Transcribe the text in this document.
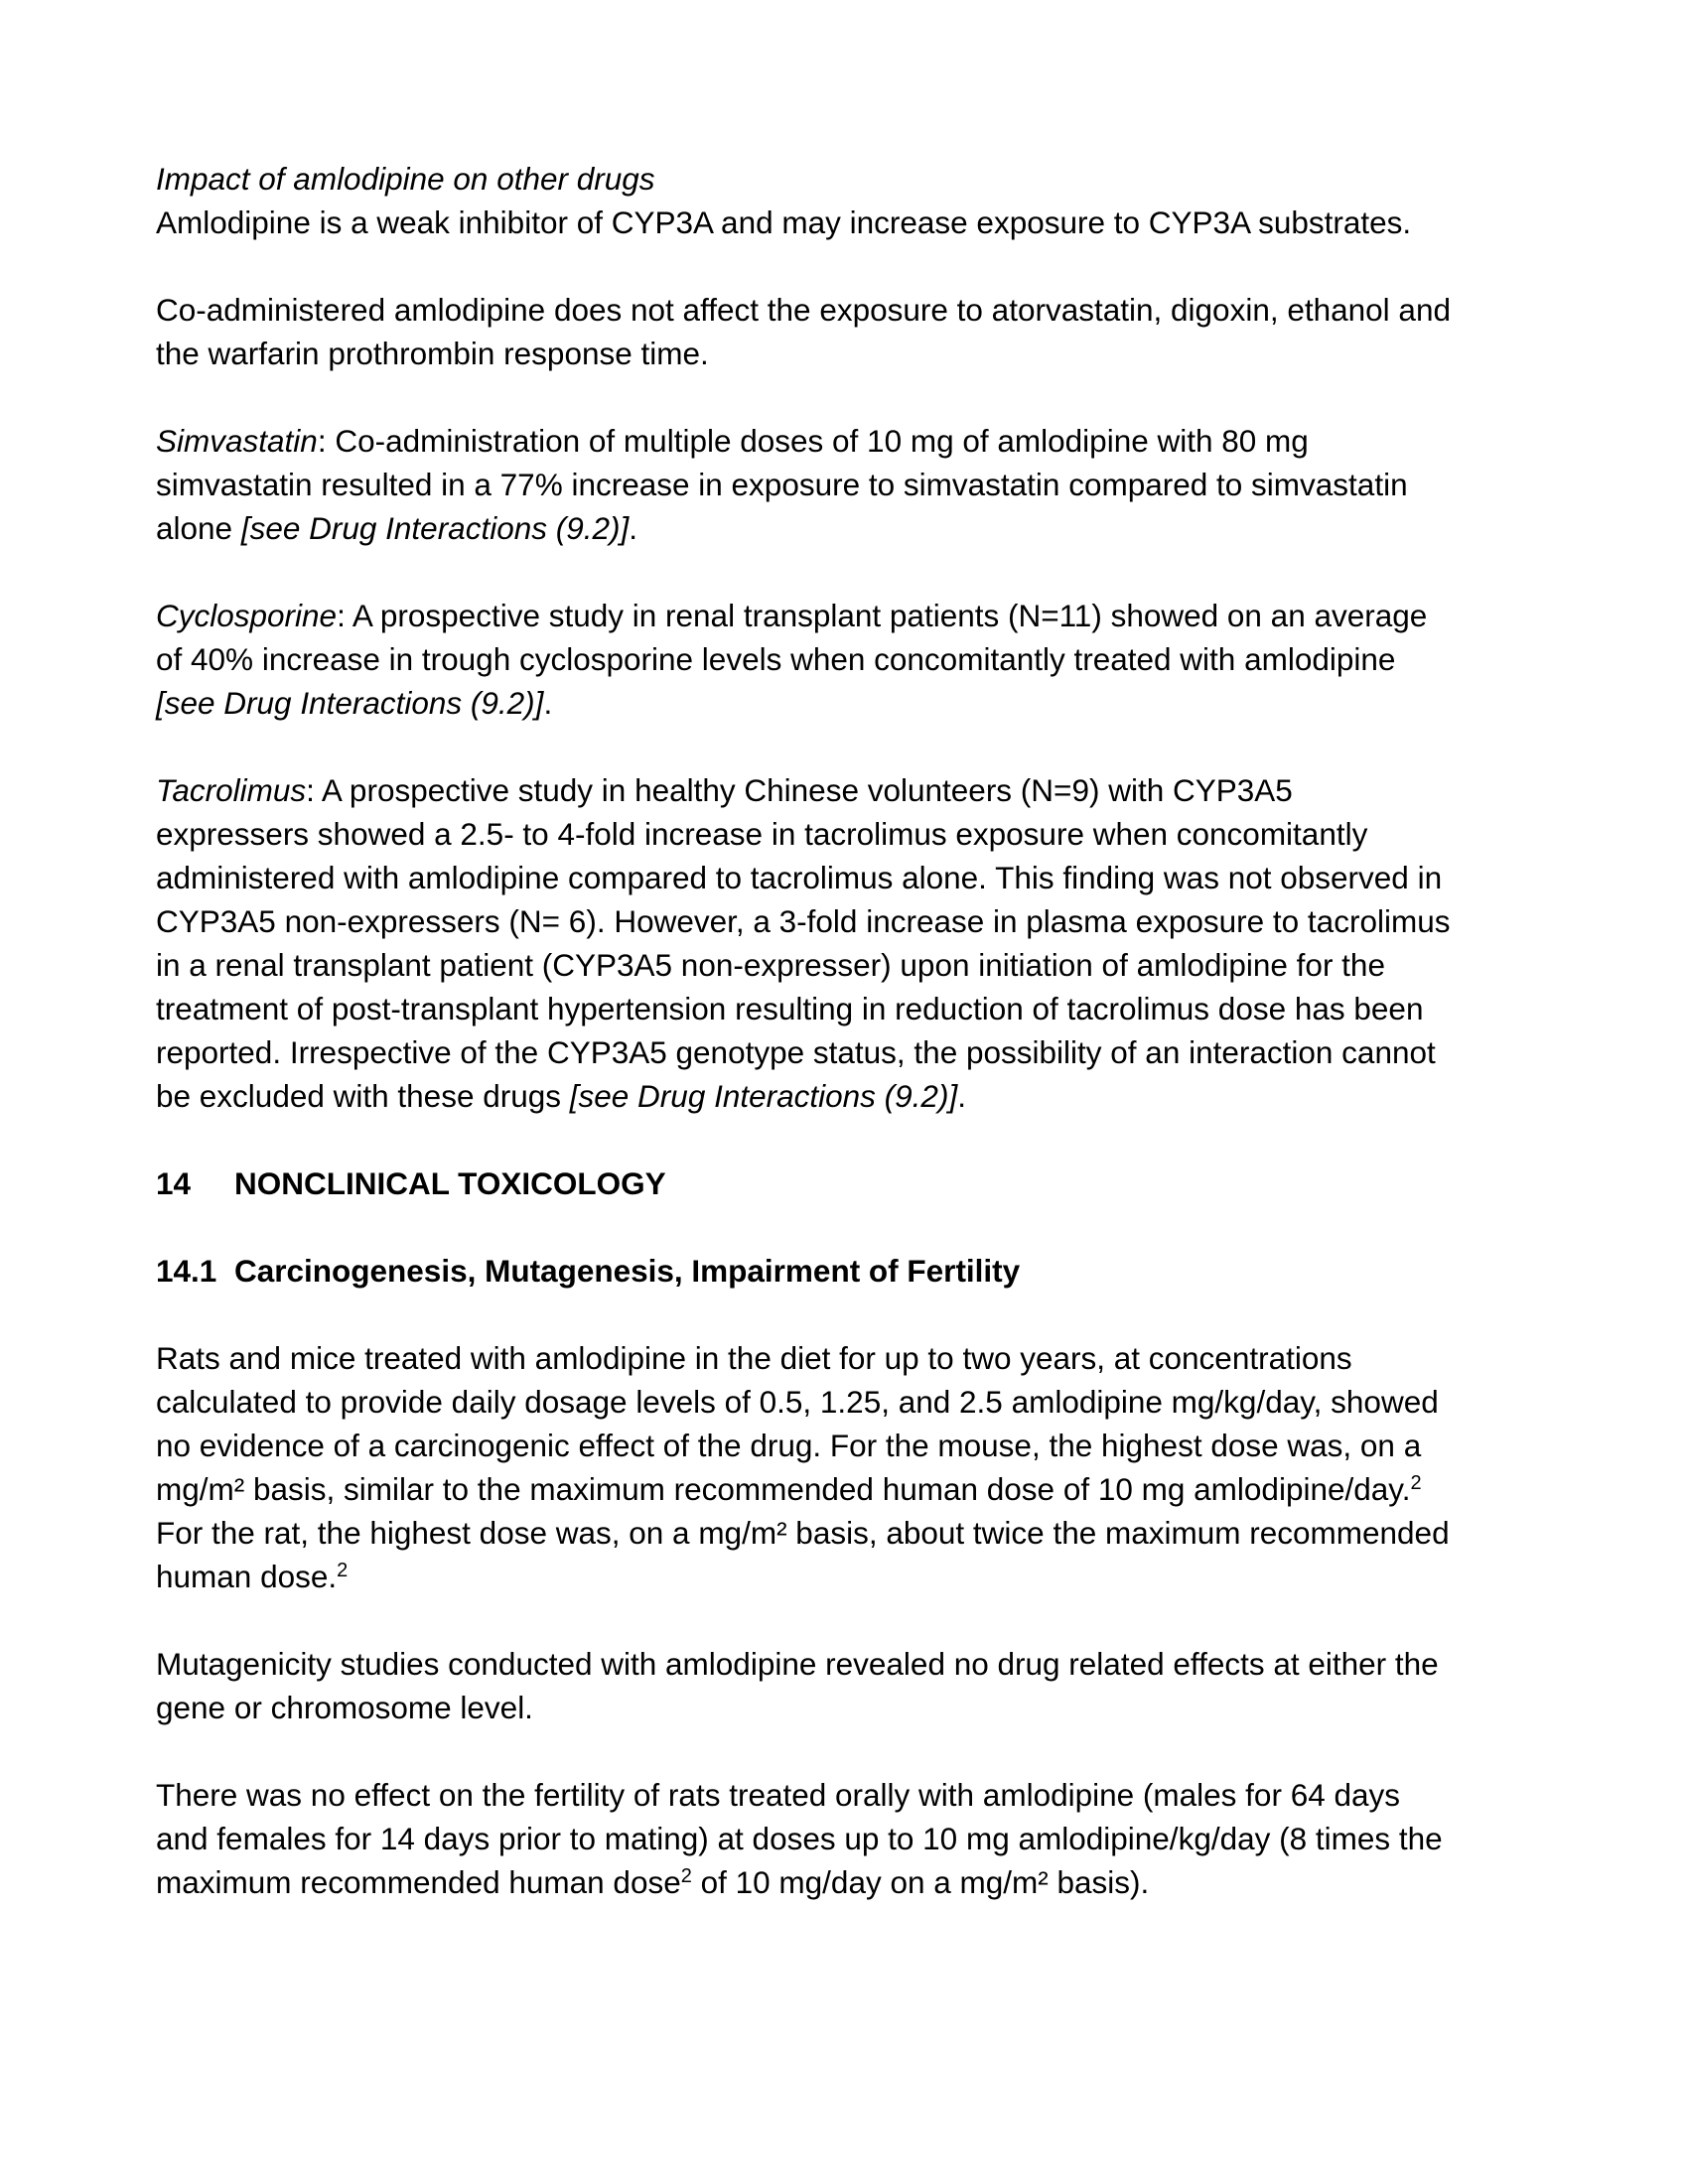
Impact of amlodipine on other drugs
Amlodipine is a weak inhibitor of CYP3A and may increase exposure to CYP3A substrates.
Co-administered amlodipine does not affect the exposure to atorvastatin, digoxin, ethanol and
the warfarin prothrombin response time.
Simvastatin: Co-administration of multiple doses of 10 mg of amlodipine with 80 mg
simvastatin resulted in a 77% increase in exposure to simvastatin compared to simvastatin
alone [see Drug Interactions (9.2)].
Cyclosporine: A prospective study in renal transplant patients (N=11) showed on an average
of 40% increase in trough cyclosporine levels when concomitantly treated with amlodipine
[see Drug Interactions (9.2)].
Tacrolimus: A prospective study in healthy Chinese volunteers (N=9) with CYP3A5
expressers showed a 2.5- to 4-fold increase in tacrolimus exposure when concomitantly
administered with amlodipine compared to tacrolimus alone. This finding was not observed in
CYP3A5 non-expressers (N= 6). However, a 3-fold increase in plasma exposure to tacrolimus
in a renal transplant patient (CYP3A5 non-expresser) upon initiation of amlodipine for the
treatment of post-transplant hypertension resulting in reduction of tacrolimus dose has been
reported. Irrespective of the CYP3A5 genotype status, the possibility of an interaction cannot
be excluded with these drugs [see Drug Interactions (9.2)].
14 NONCLINICAL TOXICOLOGY
14.1 Carcinogenesis, Mutagenesis, Impairment of Fertility
Rats and mice treated with amlodipine in the diet for up to two years, at concentrations
calculated to provide daily dosage levels of 0.5, 1.25, and 2.5 amlodipine mg/kg/day, showed
no evidence of a carcinogenic effect of the drug. For the mouse, the highest dose was, on a
mg/m² basis, similar to the maximum recommended human dose of 10 mg amlodipine/day.$^2$
For the rat, the highest dose was, on a mg/m² basis, about twice the maximum recommended
human dose.$^2$
Mutagenicity studies conducted with amlodipine revealed no drug related effects at either the
gene or chromosome level.
There was no effect on the fertility of rats treated orally with amlodipine (males for 64 days
and females for 14 days prior to mating) at doses up to 10 mg amlodipine/kg/day (8 times the
maximum recommended human dose$^2$ of 10 mg/day on a mg/m² basis).
